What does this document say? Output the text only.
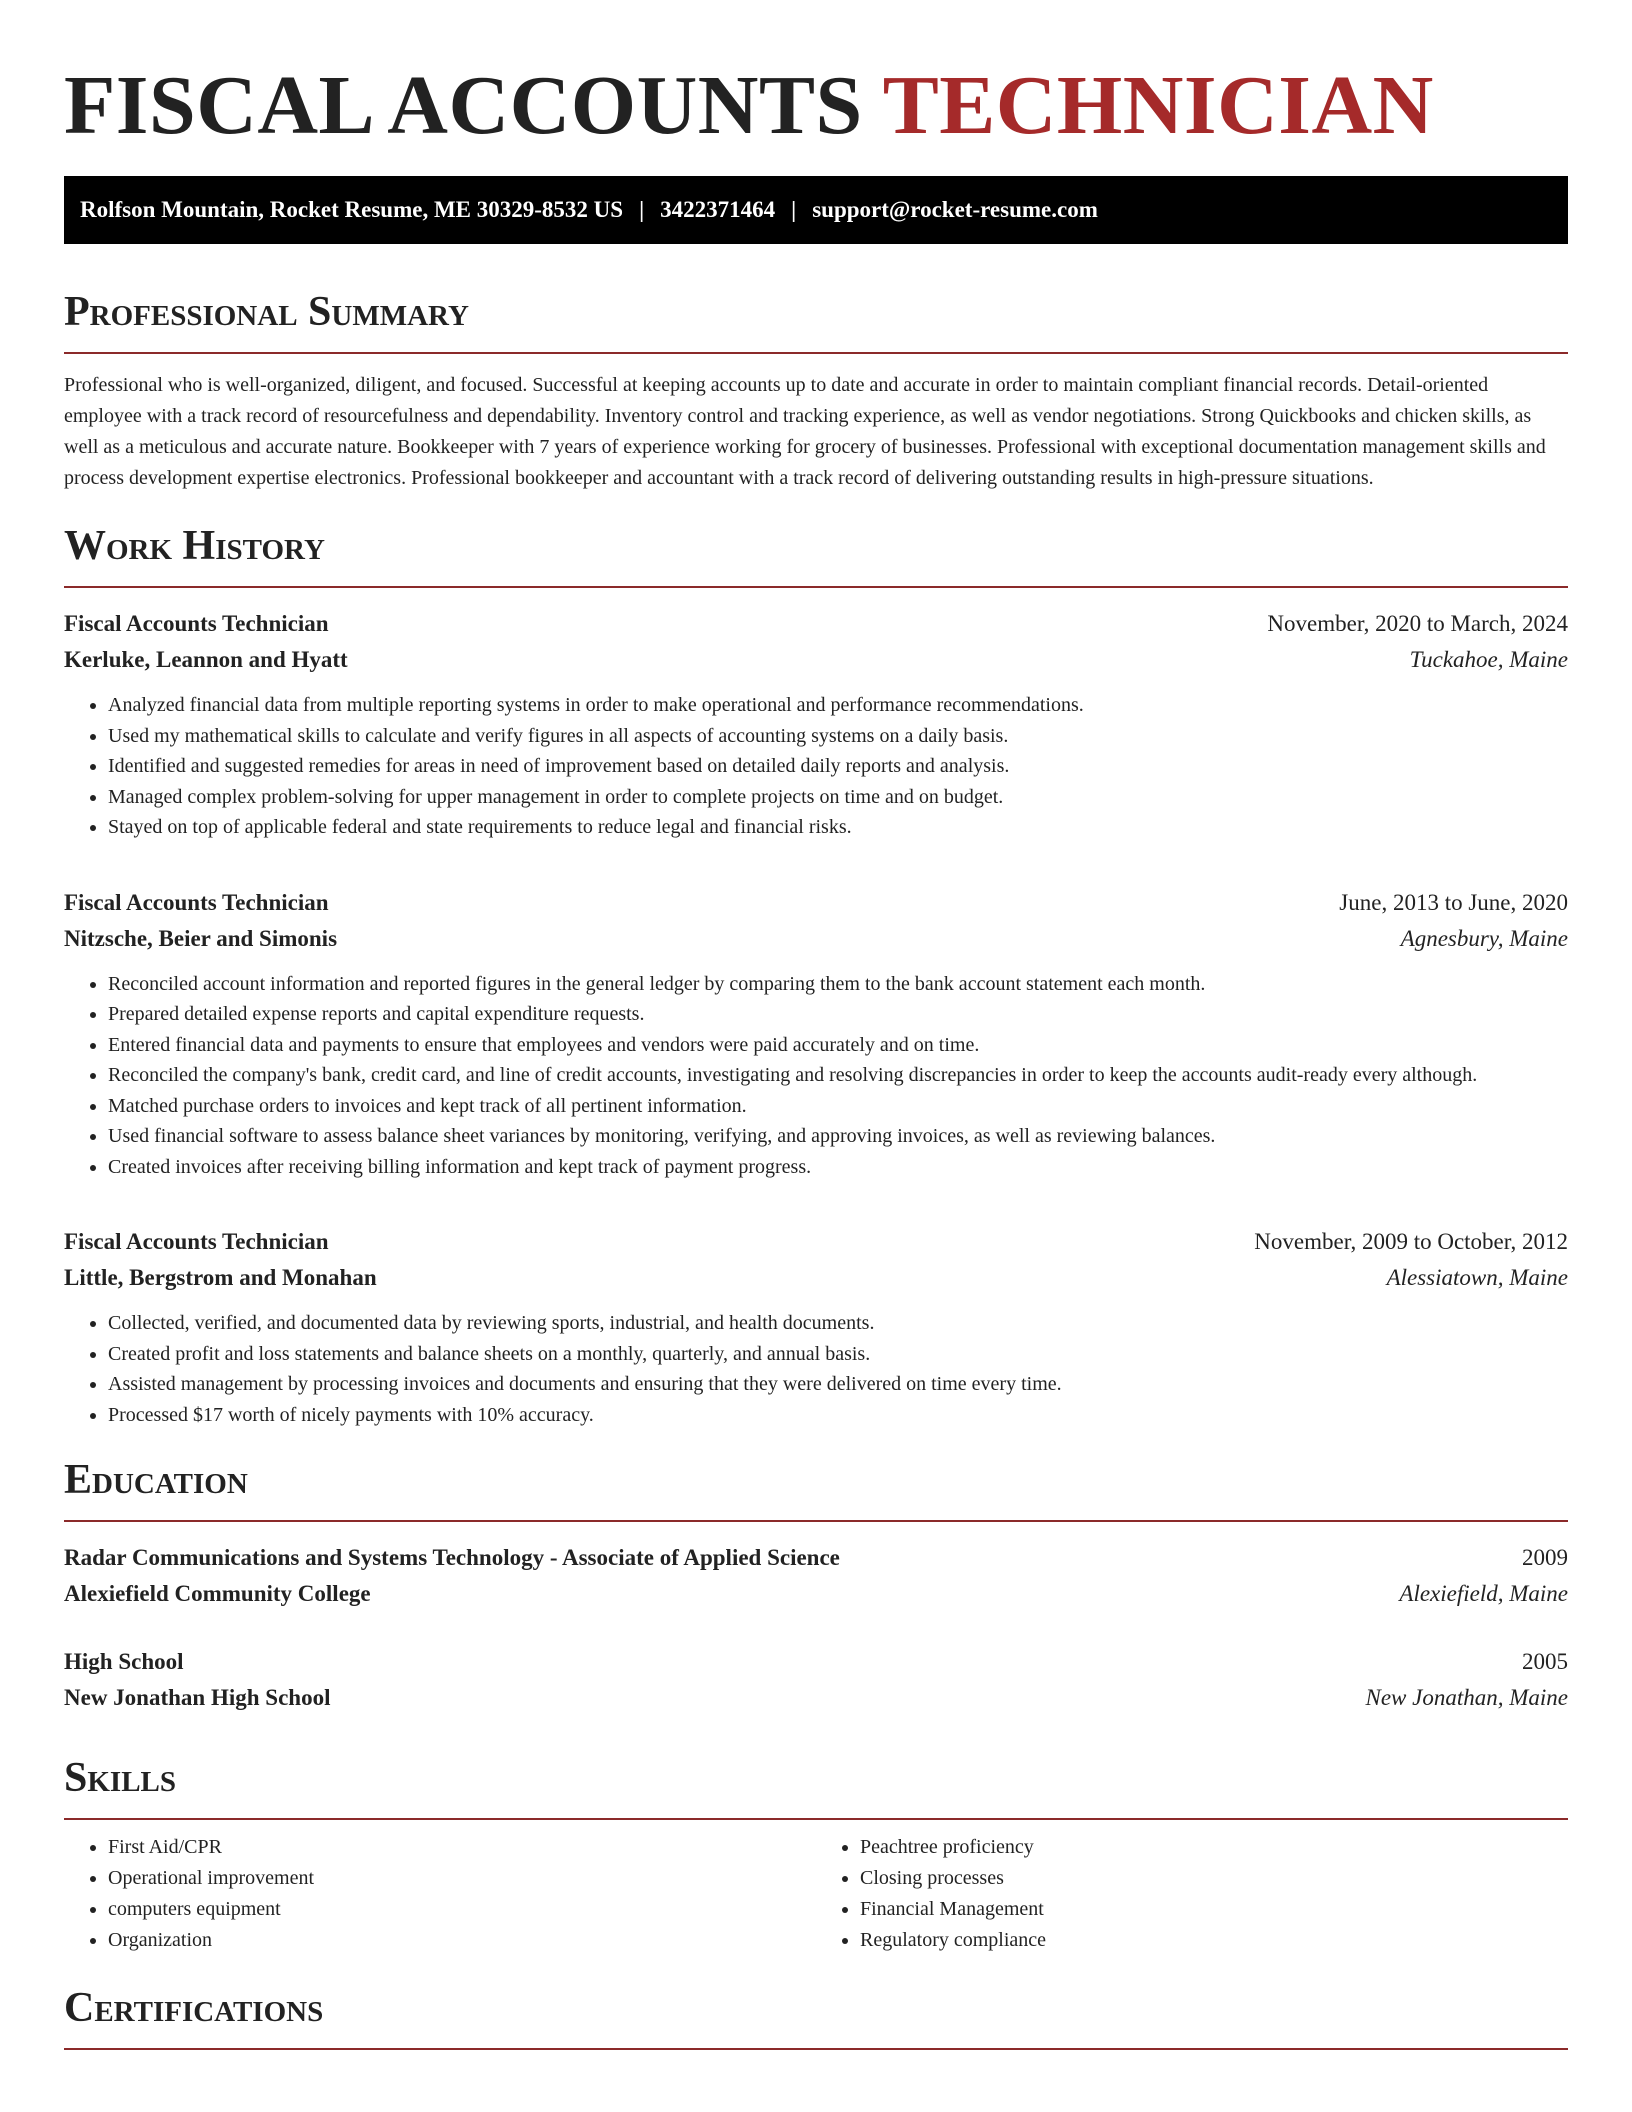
FISCAL ACCOUNTS TECHNICIAN
Rolfson Mountain, Rocket Resume, ME 30329-8532 US | 3422371464 | support@rocket-resume.com
Professional Summary

Professional who is well-organized, diligent, and focused. Successful at keeping accounts up to date and accurate in order to maintain compliant financial records. Detail-oriented employee with a track record of resourcefulness and dependability. Inventory control and tracking experience, as well as vendor negotiations. Strong Quickbooks and chicken skills, as well as a meticulous and accurate nature. Bookkeeper with 7 years of experience working for grocery of businesses. Professional with exceptional documentation management skills and process development expertise electronics. Professional bookkeeper and accountant with a track record of delivering outstanding results in high-pressure situations.

Work History
Fiscal Accounts Technician	November, 2020 to March, 2024
Kerluke, Leannon and Hyatt	Tuckahoe, Maine
• Analyzed financial data from multiple reporting systems in order to make operational and performance recommendations.
• Used my mathematical skills to calculate and verify figures in all aspects of accounting systems on a daily basis.
• Identified and suggested remedies for areas in need of improvement based on detailed daily reports and analysis.
• Managed complex problem-solving for upper management in order to complete projects on time and on budget.
• Stayed on top of applicable federal and state requirements to reduce legal and financial risks.
Fiscal Accounts Technician	June, 2013 to June, 2020
Nitzsche, Beier and Simonis	Agnesbury, Maine
• Reconciled account information and reported figures in the general ledger by comparing them to the bank account statement each month.
• Prepared detailed expense reports and capital expenditure requests.
• Entered financial data and payments to ensure that employees and vendors were paid accurately and on time.
• Reconciled the company's bank, credit card, and line of credit accounts, investigating and resolving discrepancies in order to keep the accounts audit-ready every although.
• Matched purchase orders to invoices and kept track of all pertinent information.
• Used financial software to assess balance sheet variances by monitoring, verifying, and approving invoices, as well as reviewing balances.
• Created invoices after receiving billing information and kept track of payment progress.
Fiscal Accounts Technician	November, 2009 to October, 2012
Little, Bergstrom and Monahan	Alessiatown, Maine
• Collected, verified, and documented data by reviewing sports, industrial, and health documents.
• Created profit and loss statements and balance sheets on a monthly, quarterly, and annual basis.
• Assisted management by processing invoices and documents and ensuring that they were delivered on time every time.
• Processed $17 worth of nicely payments with 10% accuracy.
Education
Radar Communications and Systems Technology - Associate of Applied Science	2009
Alexiefield Community College	Alexiefield, Maine
High School	2005
New Jonathan High School	New Jonathan, Maine
Skills
• First Aid/CPR
• Operational improvement
• computers equipment
• Organization
• Peachtree proficiency
• Closing processes
• Financial Management
• Regulatory compliance
Certifications
